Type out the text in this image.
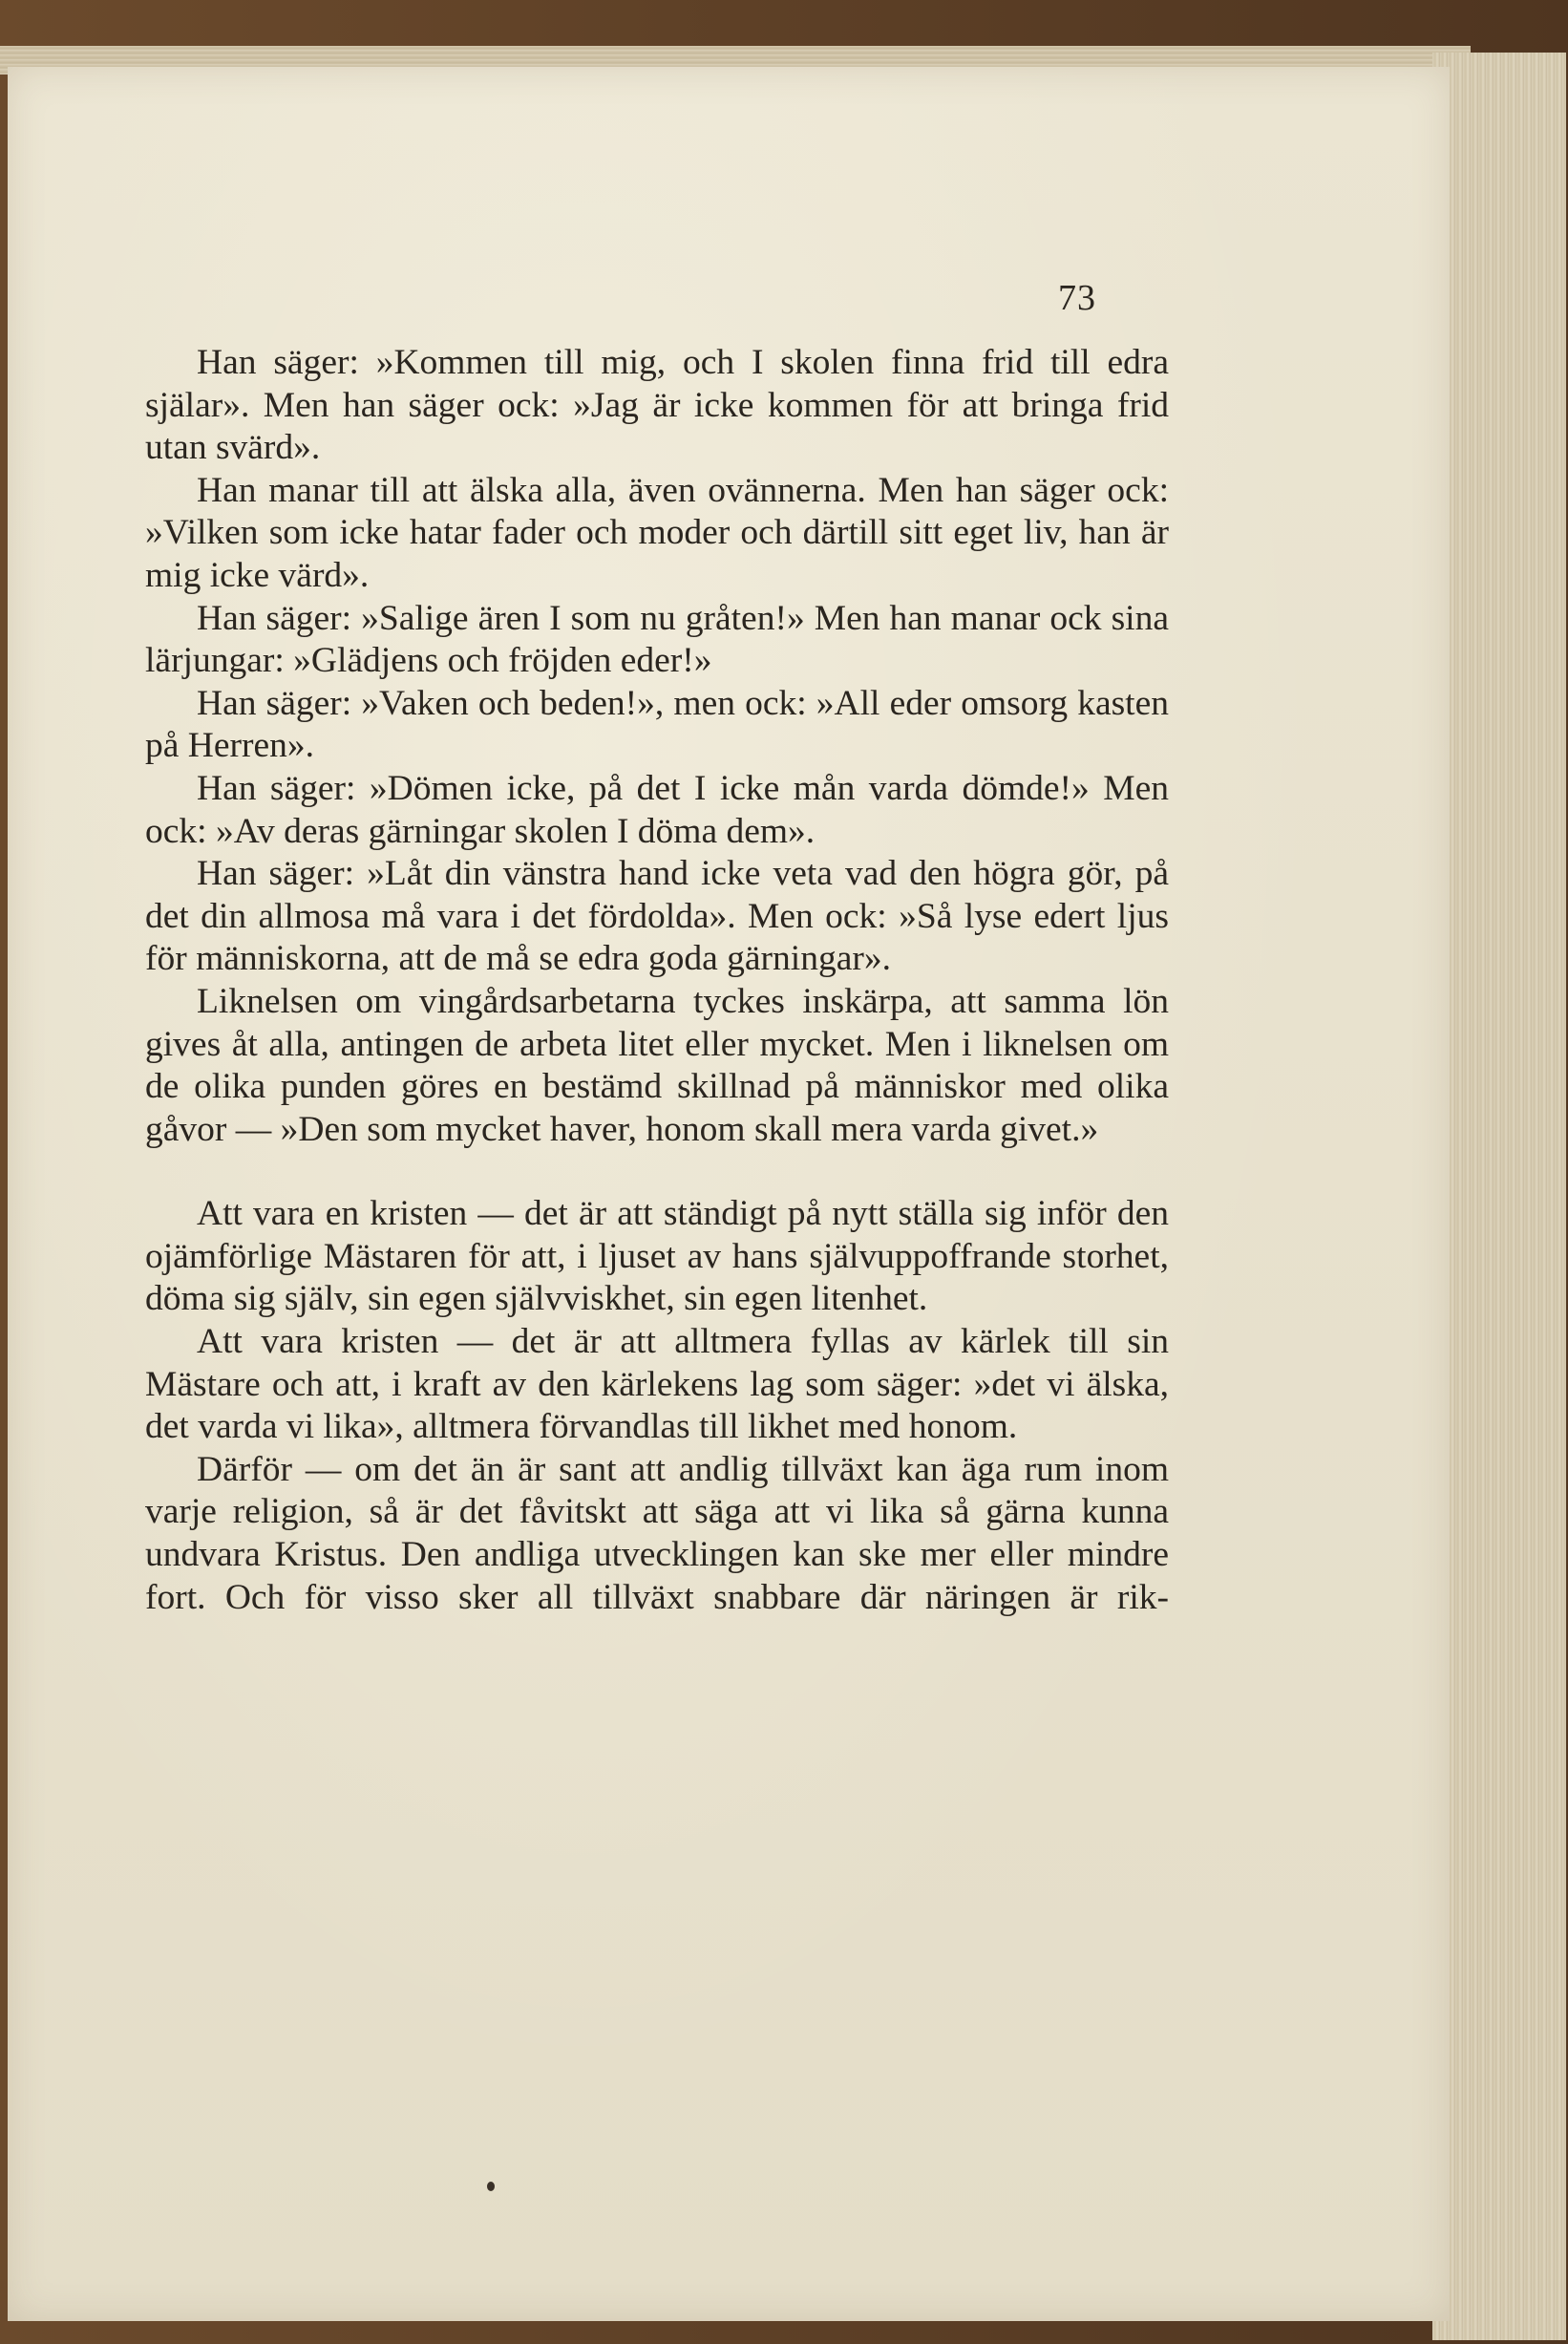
73

Han säger: »Kommen till mig, och I skolen finna frid till edra själar». Men han säger ock: »Jag är icke kommen för att bringa frid utan svärd».

Han manar till att älska alla, även ovännerna. Men han säger ock: »Vilken som icke hatar fader och moder och därtill sitt eget liv, han är mig icke värd».

Han säger: »Salige ären I som nu gråten!» Men han manar ock sina lärjungar: »Glädjens och fröjden eder!»

Han säger: »Vaken och beden!», men ock: »All eder omsorg kasten på Herren».

Han säger: »Dömen icke, på det I icke mån varda dömde!» Men ock: »Av deras gärningar skolen I döma dem».

Han säger: »Låt din vänstra hand icke veta vad den högra gör, på det din allmosa må vara i det fördolda». Men ock: »Så lyse edert ljus för människorna, att de må se edra goda gärningar».

Liknelsen om vingårdsarbetarna tyckes inskärpa, att samma lön gives åt alla, antingen de arbeta litet eller mycket. Men i liknelsen om de olika punden göres en bestämd skillnad på människor med olika gåvor — »Den som mycket haver, honom skall mera varda givet.»

Att vara en kristen — det är att ständigt på nytt ställa sig inför den ojämförlige Mästaren för att, i ljuset av hans självuppoffrande storhet, döma sig själv, sin egen självviskhet, sin egen litenhet.

Att vara kristen — det är att alltmera fyllas av kärlek till sin Mästare och att, i kraft av den kärlekens lag som säger: »det vi älska, det varda vi lika», alltmera förvandlas till likhet med honom.

Därför — om det än är sant att andlig tillväxt kan äga rum inom varje religion, så är det fåvitskt att säga att vi lika så gärna kunna undvara Kristus. Den andliga utvecklingen kan ske mer eller mindre fort. Och för visso sker all tillväxt snabbare där näringen är rik-
